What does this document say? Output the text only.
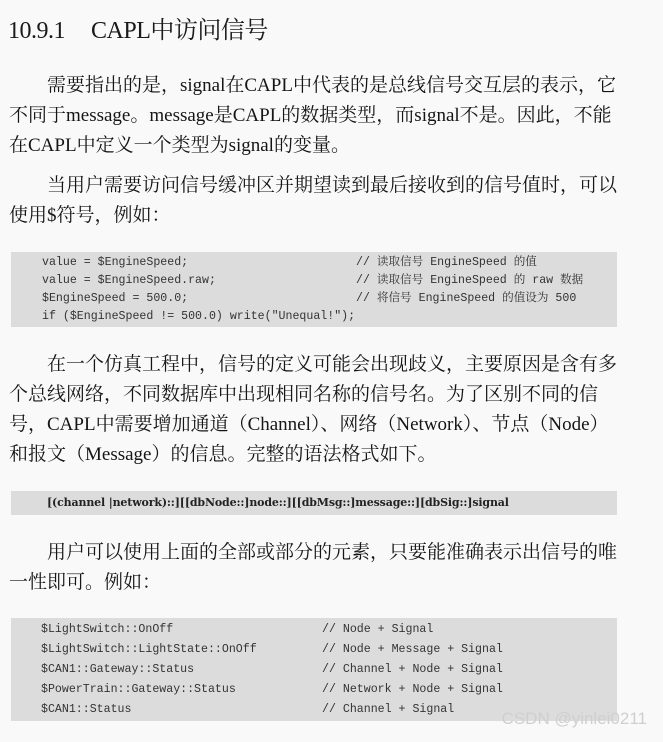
10.9.1 CAPL中访问信号

需要指出的是，signal在CAPL中代表的是总线信号交互层的表示，它不同于message。message是CAPL的数据类型，而signal不是。因此，不能在CAPL中定义一个类型为signal的变量。

当用户需要访问信号缓冲区并期望读到最后接收到的信号值时，可以使用$符号，例如：

value = $EngineSpeed;	// 读取信号 EngineSpeed 的值
value = $EngineSpeed.raw;	// 读取信号 EngineSpeed 的 raw 数据
$EngineSpeed = 500.0;	// 将信号 EngineSpeed 的值设为 500
if ($EngineSpeed != 500.0) write("Unequal!");

在一个仿真工程中，信号的定义可能会出现歧义，主要原因是含有多个总线网络，不同数据库中出现相同名称的信号名。为了区别不同的信号，CAPL中需要增加通道（Channel）、网络（Network）、节点（Node）和报文（Message）的信息。完整的语法格式如下。

[(channel |network)::][[dbNode::]node::][[dbMsg::]message::][dbSig::]signal

用户可以使用上面的全部或部分的元素，只要能准确表示出信号的唯一性即可。例如：

$LightSwitch::OnOff	// Node + Signal
$LightSwitch::LightState::OnOff	// Node + Message + Signal
$CAN1::Gateway::Status	// Channel + Node + Signal
$PowerTrain::Gateway::Status	// Network + Node + Signal
$CAN1::Status	// Channel + Signal	CSDN @yinlei0211
